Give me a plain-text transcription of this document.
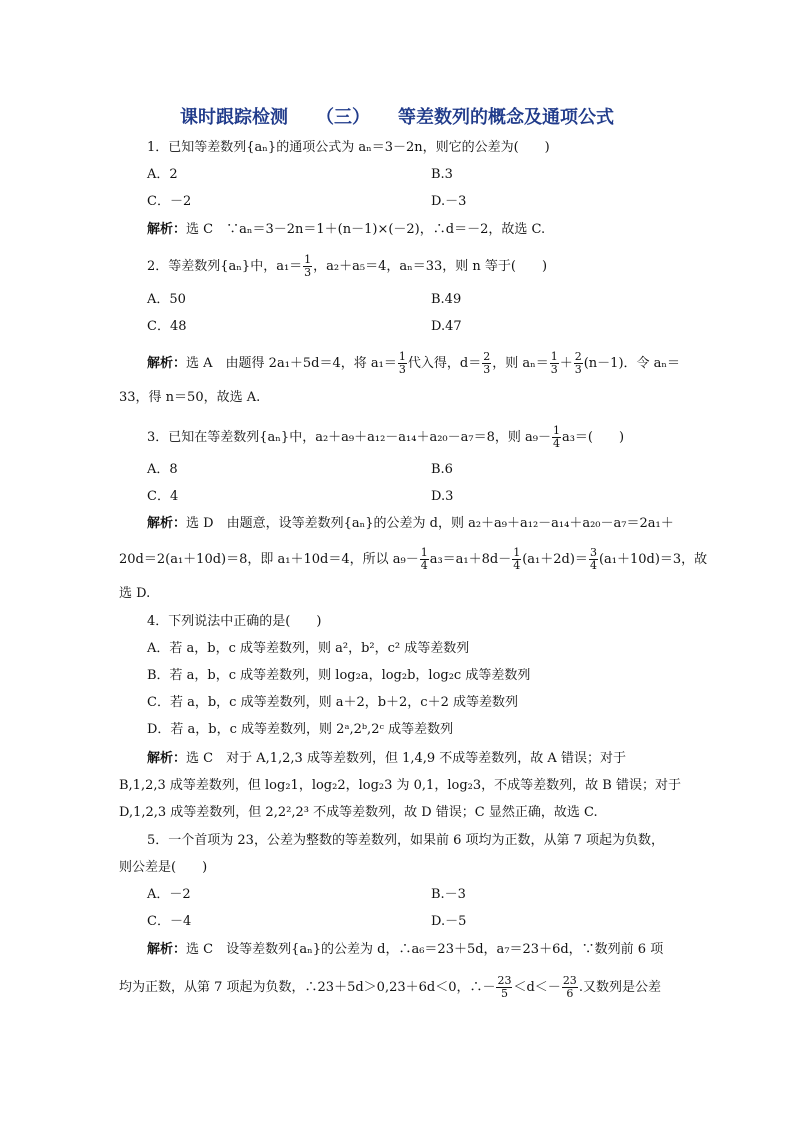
课时跟踪检测 （三） 等差数列的概念及通项公式
1．已知等差数列{aₙ}的通项公式为 aₙ＝3－2n，则它的公差为(　　)
A．2	B.3
C．－2	D.－3
解析：选 C　∵aₙ＝3－2n＝1＋(n－1)×(－2)，∴d＝－2，故选 C.
2．等差数列{aₙ}中，$a_1= \frac{1}{3}$ ，a₂＋a₅＝4，aₙ＝33，则 n 等于(　　)
A．50	B.49
C．48	D.47
解析：选 A　由题得 2a₁＋5d＝4，将 $a_1= \frac{1}{3}$ 代入得，$d= \frac{2}{3}$ ，则 $a_n= \frac{1}{3} + \frac{2}{3} (n-1)$．令 aₙ＝
33，得 n＝50，故选 A.
3．已知在等差数列{aₙ}中，a₂＋a₉＋a₁₂－a₁₄＋a₂₀－a₇＝8，则 $a_9- \frac{1}{4} a_3=$(　　)
A．8	B.6
C．4	D.3
解析：选 D　由题意，设等差数列{aₙ}的公差为 d，则 a₂＋a₉＋a₁₂－a₁₄＋a₂₀－a₇＝2a₁＋
20d＝2(a₁＋10d)＝8，即 a₁＋10d＝4，所以 $a_9- \frac{1}{4} a_3=a_1+8d- \frac{1}{4} (a_1+2d)= \frac{3}{4} (a_1+10d)=3$，故
选 D.
4．下列说法中正确的是(　　)
A．若 a，b，c 成等差数列，则 a²，b²，c² 成等差数列
B．若 a，b，c 成等差数列，则 log₂a，log₂b，log₂c 成等差数列
C．若 a，b，c 成等差数列，则 a＋2，b＋2，c＋2 成等差数列
D．若 a，b，c 成等差数列，则 2ᵃ,2ᵇ,2ᶜ 成等差数列
解析：选 C　对于 A,1,2,3 成等差数列，但 1,4,9 不成等差数列，故 A 错误；对于
B,1,2,3 成等差数列，但 log₂1，log₂2，log₂3 为 0,1，log₂3，不成等差数列，故 B 错误；对于
D,1,2,3 成等差数列，但 2,2²,2³ 不成等差数列，故 D 错误；C 显然正确，故选 C.
5．一个首项为 23，公差为整数的等差数列，如果前 6 项均为正数，从第 7 项起为负数，
则公差是(　　)
A．－2	B.－3
C．－4	D.－5
解析：选 C　设等差数列{aₙ}的公差为 d，∴a₆＝23＋5d，a₇＝23＋6d，∵数列前 6 项
均为正数，从第 7 项起为负数，∴23＋5d＞0,23＋6d＜0，∴－ $\frac{23}{5} <d<- \frac{23}{6}$ .又数列是公差
